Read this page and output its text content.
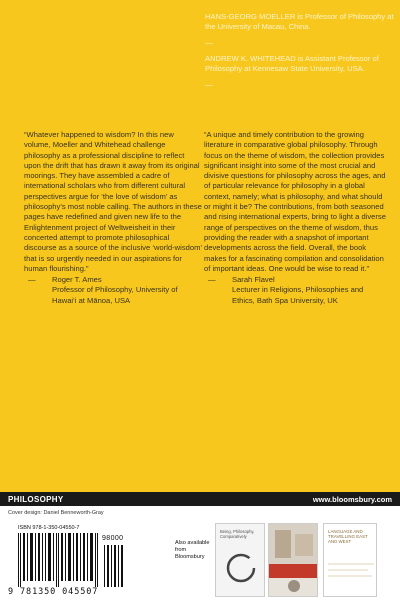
HANS-GEORG MOELLER is Professor of Philosophy at the University of Macau, China.
—
ANDREW K. WHITEHEAD is Assistant Professor of Philosophy at Kennesaw State University, USA.
—

“Whatever happened to wisdom? In this new volume, Moeller and Whitehead challenge philosophy as a professional discipline to reflect upon the drift that has drawn it away from its original moorings. They have assembled a cadre of international scholars who from different cultural perspectives argue for ‘the love of wisdom’ as philosophy’s most noble calling. The authors in these pages have redefined and given new life to the Enlightenment project of Weltweisheit in their concerted attempt to promote philosophical discourse as a source of the inclusive ‘world-wisdom’ that is so urgently needed in our aspirations for human flourishing.”

—	Roger T. Ames
Professor of Philosophy, University of Hawai‘i at Mānoa, USA

“A unique and timely contribution to the growing literature in comparative global philosophy. Through focus on the theme of wisdom, the collection provides significant insight into some of the most crucial and divisive questions for philosophy across the ages, and of particular relevance for philosophy in a global context, namely; what is philosophy, and what should or might it be? The contributions, from both seasoned and rising international experts, bring to light a diverse range of perspectives on the theme of wisdom, thus providing the reader with a snapshot of important developments across the field. Overall, the book makes for a fascinating compilation and consolidation of important ideas. One would be wise to read it.”

—	Sarah Flavel
Lecturer in Religions, Philosophies and Ethics, Bath Spa University, UK
PHILOSOPHY	www.bloomsbury.com
Cover design: Daniel Benneworth-Gray
ISBN 978-1-350-04550-7
98000
9 781350 045507
Also available from Bloomsbury
Being, Philosophy, Comparatively
LANGUAGE AND TRAVELLING EAST AND WEST
